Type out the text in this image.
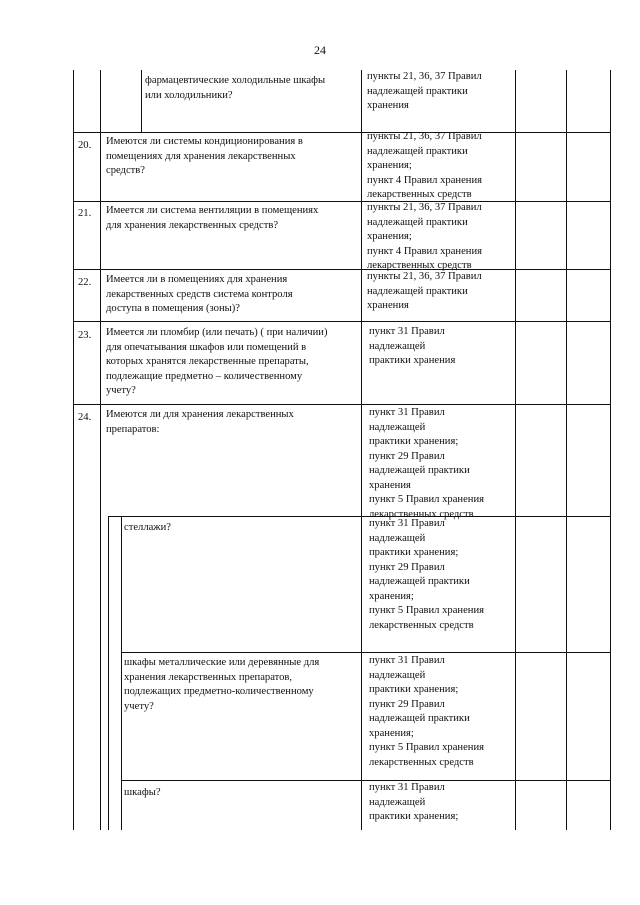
24
фармацевтические холодильные шкафы
или холодильники?
пункты 21, 36, 37 Правил
надлежащей практики
хранения
20. Имеются ли системы кондиционирования в
помещениях для хранения лекарственных
средств?
пункты 21, 36, 37 Правил
надлежащей практики
хранения;
пункт 4 Правил хранения
лекарственных средств
21. Имеется ли система вентиляции в помещениях
для хранения лекарственных средств?
пункты 21, 36, 37 Правил
надлежащей практики
хранения;
пункт 4 Правил хранения
лекарственных средств
22. Имеется ли в помещениях для хранения
лекарственных средств система контроля
доступа в помещения (зоны)?
пункты 21, 36, 37 Правил
надлежащей практики
хранения
23. Имеется ли пломбир (или печать) ( при наличии)
для опечатывания шкафов или помещений в
которых хранятся лекарственные препараты,
подлежащие предметно – количественному
учету?
пункт 31 Правил
надлежащей
практики хранения
24. Имеются ли для хранения лекарственных
препаратов:
пункт 31 Правил
надлежащей
практики хранения;
пункт 29 Правил
надлежащей практики
хранения
пункт 5 Правил хранения
лекарственных средств
стеллажи?	пункт 31 Правил
надлежащей
практики хранения;
пункт 29 Правил
надлежащей практики
хранения;
пункт 5 Правил хранения
лекарственных средств
шкафы металлические или деревянные для
хранения лекарственных препаратов,
подлежащих предметно-количественному
учету?
пункт 31 Правил
надлежащей
практики хранения;
пункт 29 Правил
надлежащей практики
хранения;
пункт 5 Правил хранения
лекарственных средств
шкафы?	пункт 31 Правил
надлежащей
практики хранения;
